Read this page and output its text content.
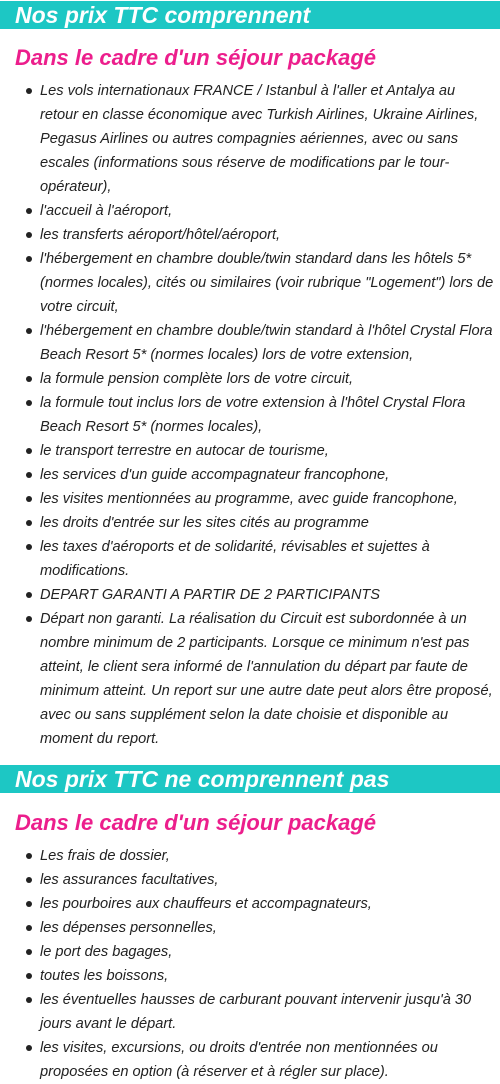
Nos prix TTC comprennent
Dans le cadre d'un séjour packagé
Les vols internationaux FRANCE / Istanbul à l'aller et Antalya au retour en classe économique avec Turkish Airlines, Ukraine Airlines, Pegasus Airlines ou autres compagnies aériennes, avec ou sans escales (informations sous réserve de modifications par le tour-opérateur),
l'accueil à l'aéroport,
les transferts aéroport/hôtel/aéroport,
l'hébergement en chambre double/twin standard dans les hôtels 5* (normes locales), cités ou similaires (voir rubrique "Logement") lors de votre circuit,
l'hébergement en chambre double/twin standard à l'hôtel Crystal Flora Beach Resort 5* (normes locales) lors de votre extension,
la formule pension complète lors de votre circuit,
la formule tout inclus lors de votre extension à l'hôtel Crystal Flora Beach Resort 5* (normes locales),
le transport terrestre en autocar de tourisme,
les services d'un guide accompagnateur francophone,
les visites mentionnées au programme, avec guide francophone,
les droits d'entrée sur les sites cités au programme
les taxes d'aéroports et de solidarité, révisables et sujettes à modifications.
DEPART GARANTI A PARTIR DE 2 PARTICIPANTS
Départ non garanti. La réalisation du Circuit est subordonnée à un nombre minimum de 2 participants. Lorsque ce minimum n'est pas atteint, le client sera informé de l'annulation du départ par faute de minimum atteint. Un report sur une autre date peut alors être proposé, avec ou sans supplément selon la date choisie et disponible au moment du report.
Nos prix TTC ne comprennent pas
Dans le cadre d'un séjour packagé
Les frais de dossier,
les assurances facultatives,
les pourboires aux chauffeurs et accompagnateurs,
les dépenses personnelles,
le port des bagages,
toutes les boissons,
les éventuelles hausses de carburant pouvant intervenir jusqu'à 30 jours avant le départ.
les visites, excursions, ou droits d'entrée non mentionnées ou proposées en option (à réserver et à régler sur place).
